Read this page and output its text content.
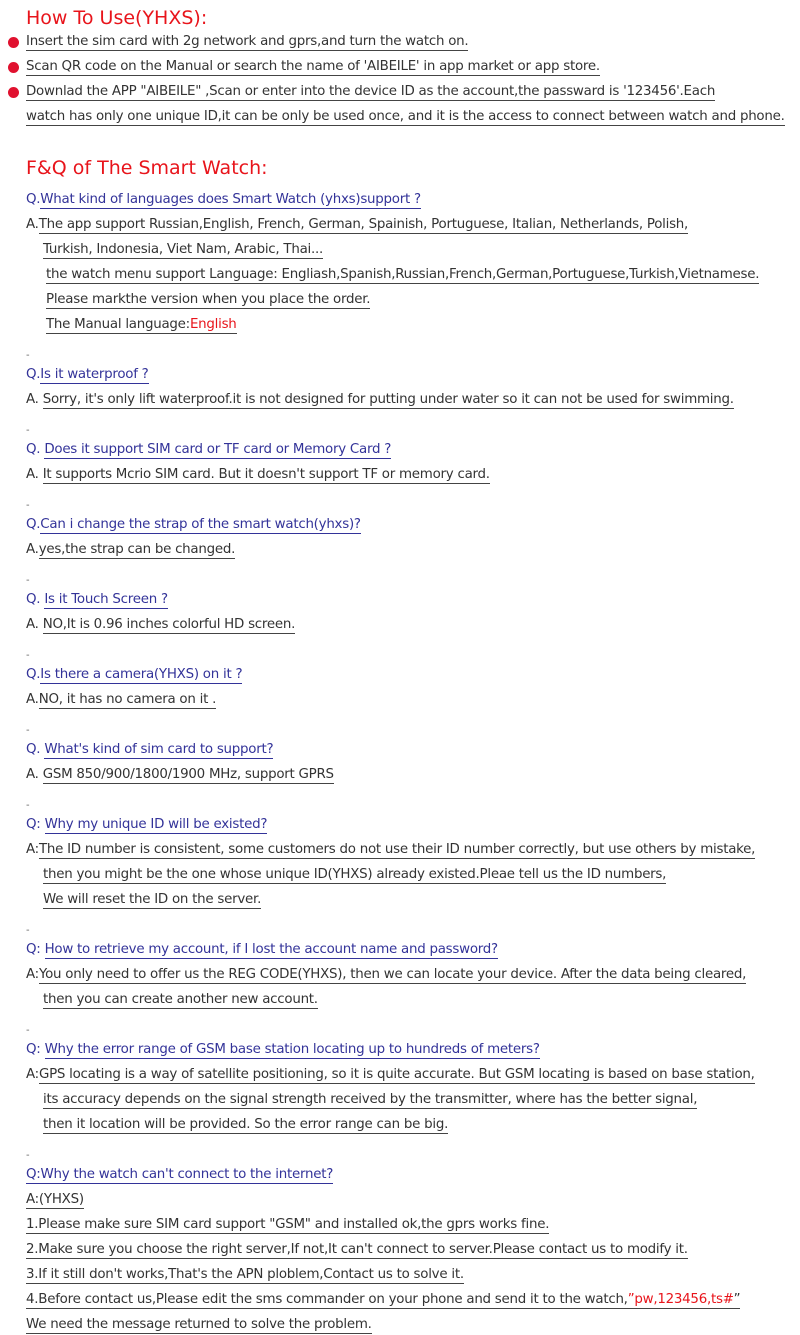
How To Use(YHXS):
Insert the sim card with 2g network and gprs,and turn the watch on.
Scan QR code on the Manual or search the name of 'AIBEILE' in app market or app store.
Downlad the APP "AIBEILE" ,Scan or enter into the device ID as the account,the passward is '123456'.Each
watch has only one unique ID,it can be only be used once, and it is the access to connect between watch and phone.
F&Q of The Smart Watch:
Q.What kind of languages does Smart Watch (yhxs)support ?
A.The app support Russian,English, French, German, Spainish, Portuguese, Italian, Netherlands, Polish,
Turkish, Indonesia, Viet Nam, Arabic, Thai...
the watch menu support Language: Engliash,Spanish,Russian,French,German,Portuguese,Turkish,Vietnamese.
Please markthe version when you place the order.
The Manual language:English
-
Q.Is it waterproof ?
A. Sorry, it's only lift waterproof.it is not designed for putting under water so it can not be used for swimming.
-
Q. Does it support SIM card or TF card or Memory Card ?
A. It supports Mcrio SIM card. But it doesn't support TF or memory card.
-
Q.Can i change the strap of the smart watch(yhxs)?
A.yes,the strap can be changed.
-
Q. Is it Touch Screen ?
A. NO,It is 0.96 inches colorful HD screen.
-
Q.Is there a camera(YHXS) on it ?
A.NO, it has no camera on it .
-
Q. What's kind of sim card to support?
A. GSM 850/900/1800/1900 MHz, support GPRS
-
Q: Why my unique ID will be existed?
A:The ID number is consistent, some customers do not use their ID number correctly, but use others by mistake,
then you might be the one whose unique ID(YHXS) already existed.Pleae tell us the ID numbers,
We will reset the ID on the server.
-
Q: How to retrieve my account, if I lost the account name and password?
A:You only need to offer us the REG CODE(YHXS), then we can locate your device. After the data being cleared,
then you can create another new account.
-
Q: Why the error range of GSM base station locating up to hundreds of meters?
A:GPS locating is a way of satellite positioning, so it is quite accurate. But GSM locating is based on base station,
its accuracy depends on the signal strength received by the transmitter, where has the better signal,
then it location will be provided. So the error range can be big.
-
Q:Why the watch can't connect to the internet?
A:(YHXS)
1.Please make sure SIM card support "GSM" and installed ok,the gprs works fine.
2.Make sure you choose the right server,If not,It can't connect to server.Please contact us to modify it.
3.If it still don't works,That's the APN ploblem,Contact us to solve it.
4.Before contact us,Please edit the sms commander on your phone and send it to the watch,”pw,123456,ts#”
We need the message returned to solve the problem.
